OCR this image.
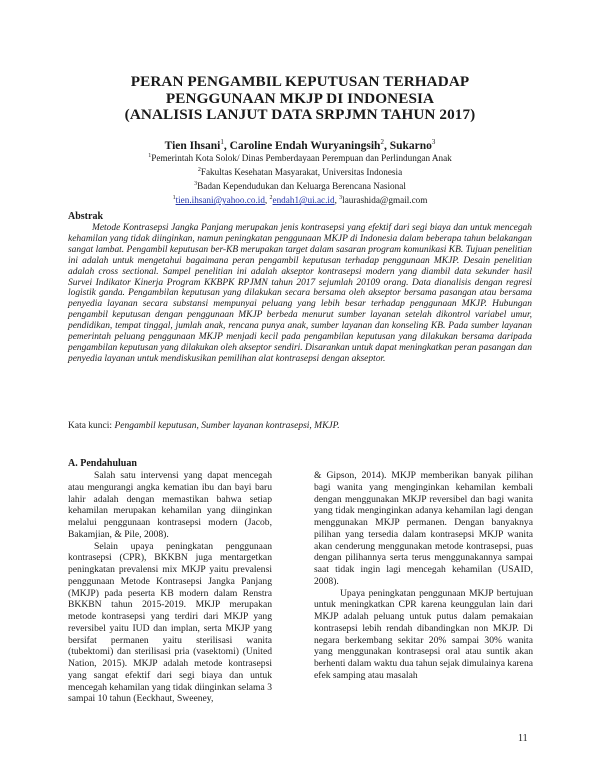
PERAN PENGAMBIL KEPUTUSAN TERHADAP
PENGGUNAAN MKJP DI INDONESIA
(ANALISIS LANJUT DATA SRPJMN TAHUN 2017)
Tien Ihsani$^1$, Caroline Endah Wuryaningsih$^2$, Sukarno$^3$
$^1$Pemerintah Kota Solok/ Dinas Pemberdayaan Perempuan dan Perlindungan Anak
$^2$Fakultas Kesehatan Masyarakat, Universitas Indonesia
$^3$Badan Kependudukan dan Keluarga Berencana Nasional
$^1$tien.ihsani@yahoo.co.id, $^2$endah1@ui.ac.id, $^3$laurashida@gmail.com
Abstrak

Metode Kontrasepsi Jangka Panjang merupakan jenis kontrasepsi yang efektif dari segi biaya dan untuk mencegah kehamilan yang tidak diinginkan, namun peningkatan penggunaan MKJP di Indonesia dalam beberapa tahun belakangan sangat lambat. Pengambil keputusan ber-KB merupakan target dalam sasaran program komunikasi KB. Tujuan penelitian ini adalah untuk mengetahui bagaimana peran pengambil keputusan terhadap penggunaan MKJP. Desain penelitian adalah cross sectional. Sampel penelitian ini adalah akseptor kontrasepsi modern yang diambil data sekunder hasil Survei Indikator Kinerja Program KKBPK RPJMN tahun 2017 sejumlah 20109 orang. Data dianalisis dengan regresi logistik ganda. Pengambilan keputusan yang dilakukan secara bersama oleh akseptor bersama pasangan atau bersama penyedia layanan secara substansi mempunyai peluang yang lebih besar terhadap penggunaan MKJP. Hubungan pengambil keputusan dengan penggunaan MKJP berbeda menurut sumber layanan setelah dikontrol variabel umur, pendidikan, tempat tinggal, jumlah anak, rencana punya anak, sumber layanan dan konseling KB. Pada sumber layanan pemerintah peluang penggunaan MKJP menjadi kecil pada pengambilan keputusan yang dilakukan bersama daripada pengambilan keputusan yang dilakukan oleh akseptor sendiri. Disarankan untuk dapat meningkatkan peran pasangan dan penyedia layanan untuk mendiskusikan pemilihan alat kontrasepsi dengan akseptor.

Kata kunci: Pengambil keputusan, Sumber layanan kontrasepsi, MKJP.
A. Pendahuluan

Salah satu intervensi yang dapat mencegah atau mengurangi angka kematian ibu dan bayi baru lahir adalah dengan memastikan bahwa setiap kehamilan merupakan kehamilan yang diinginkan melalui penggunaan kontrasepsi modern (Jacob, Bakamjian, & Pile, 2008).

Selain upaya peningkatan penggunaan kontrasepsi (CPR), BKKBN juga mentargetkan peningkatan prevalensi mix MKJP yaitu prevalensi penggunaan Metode Kontrasepsi Jangka Panjang (MKJP) pada peserta KB modern dalam Renstra BKKBN tahun 2015-2019. MKJP merupakan metode kontrasepsi yang terdiri dari MKJP yang reversibel yaitu IUD dan implan, serta MKJP yang bersifat permanen yaitu sterilisasi wanita (tubektomi) dan sterilisasi pria (vasektomi) (United Nation, 2015). MKJP adalah metode kontrasepsi yang sangat efektif dari segi biaya dan untuk mencegah kehamilan yang tidak diinginkan selama 3 sampai 10 tahun (Eeckhaut, Sweeney,

& Gipson, 2014). MKJP memberikan banyak pilihan bagi wanita yang menginginkan kehamilan kembali dengan menggunakan MKJP reversibel dan bagi wanita yang tidak menginginkan adanya kehamilan lagi dengan menggunakan MKJP permanen. Dengan banyaknya pilihan yang tersedia dalam kontrasepsi MKJP wanita akan cenderung menggunakan metode kontrasepsi, puas dengan pilihannya serta terus menggunakannya sampai saat tidak ingin lagi mencegah kehamilan (USAID, 2008).

Upaya peningkatan penggunaan MKJP bertujuan untuk meningkatkan CPR karena keunggulan lain dari MKJP adalah peluang untuk putus dalam pemakaian kontrasepsi lebih rendah dibandingkan non MKJP. Di negara berkembang sekitar 20% sampai 30% wanita yang menggunakan kontrasepsi oral atau suntik akan berhenti dalam waktu dua tahun sejak dimulainya karena efek samping atau masalah

11
